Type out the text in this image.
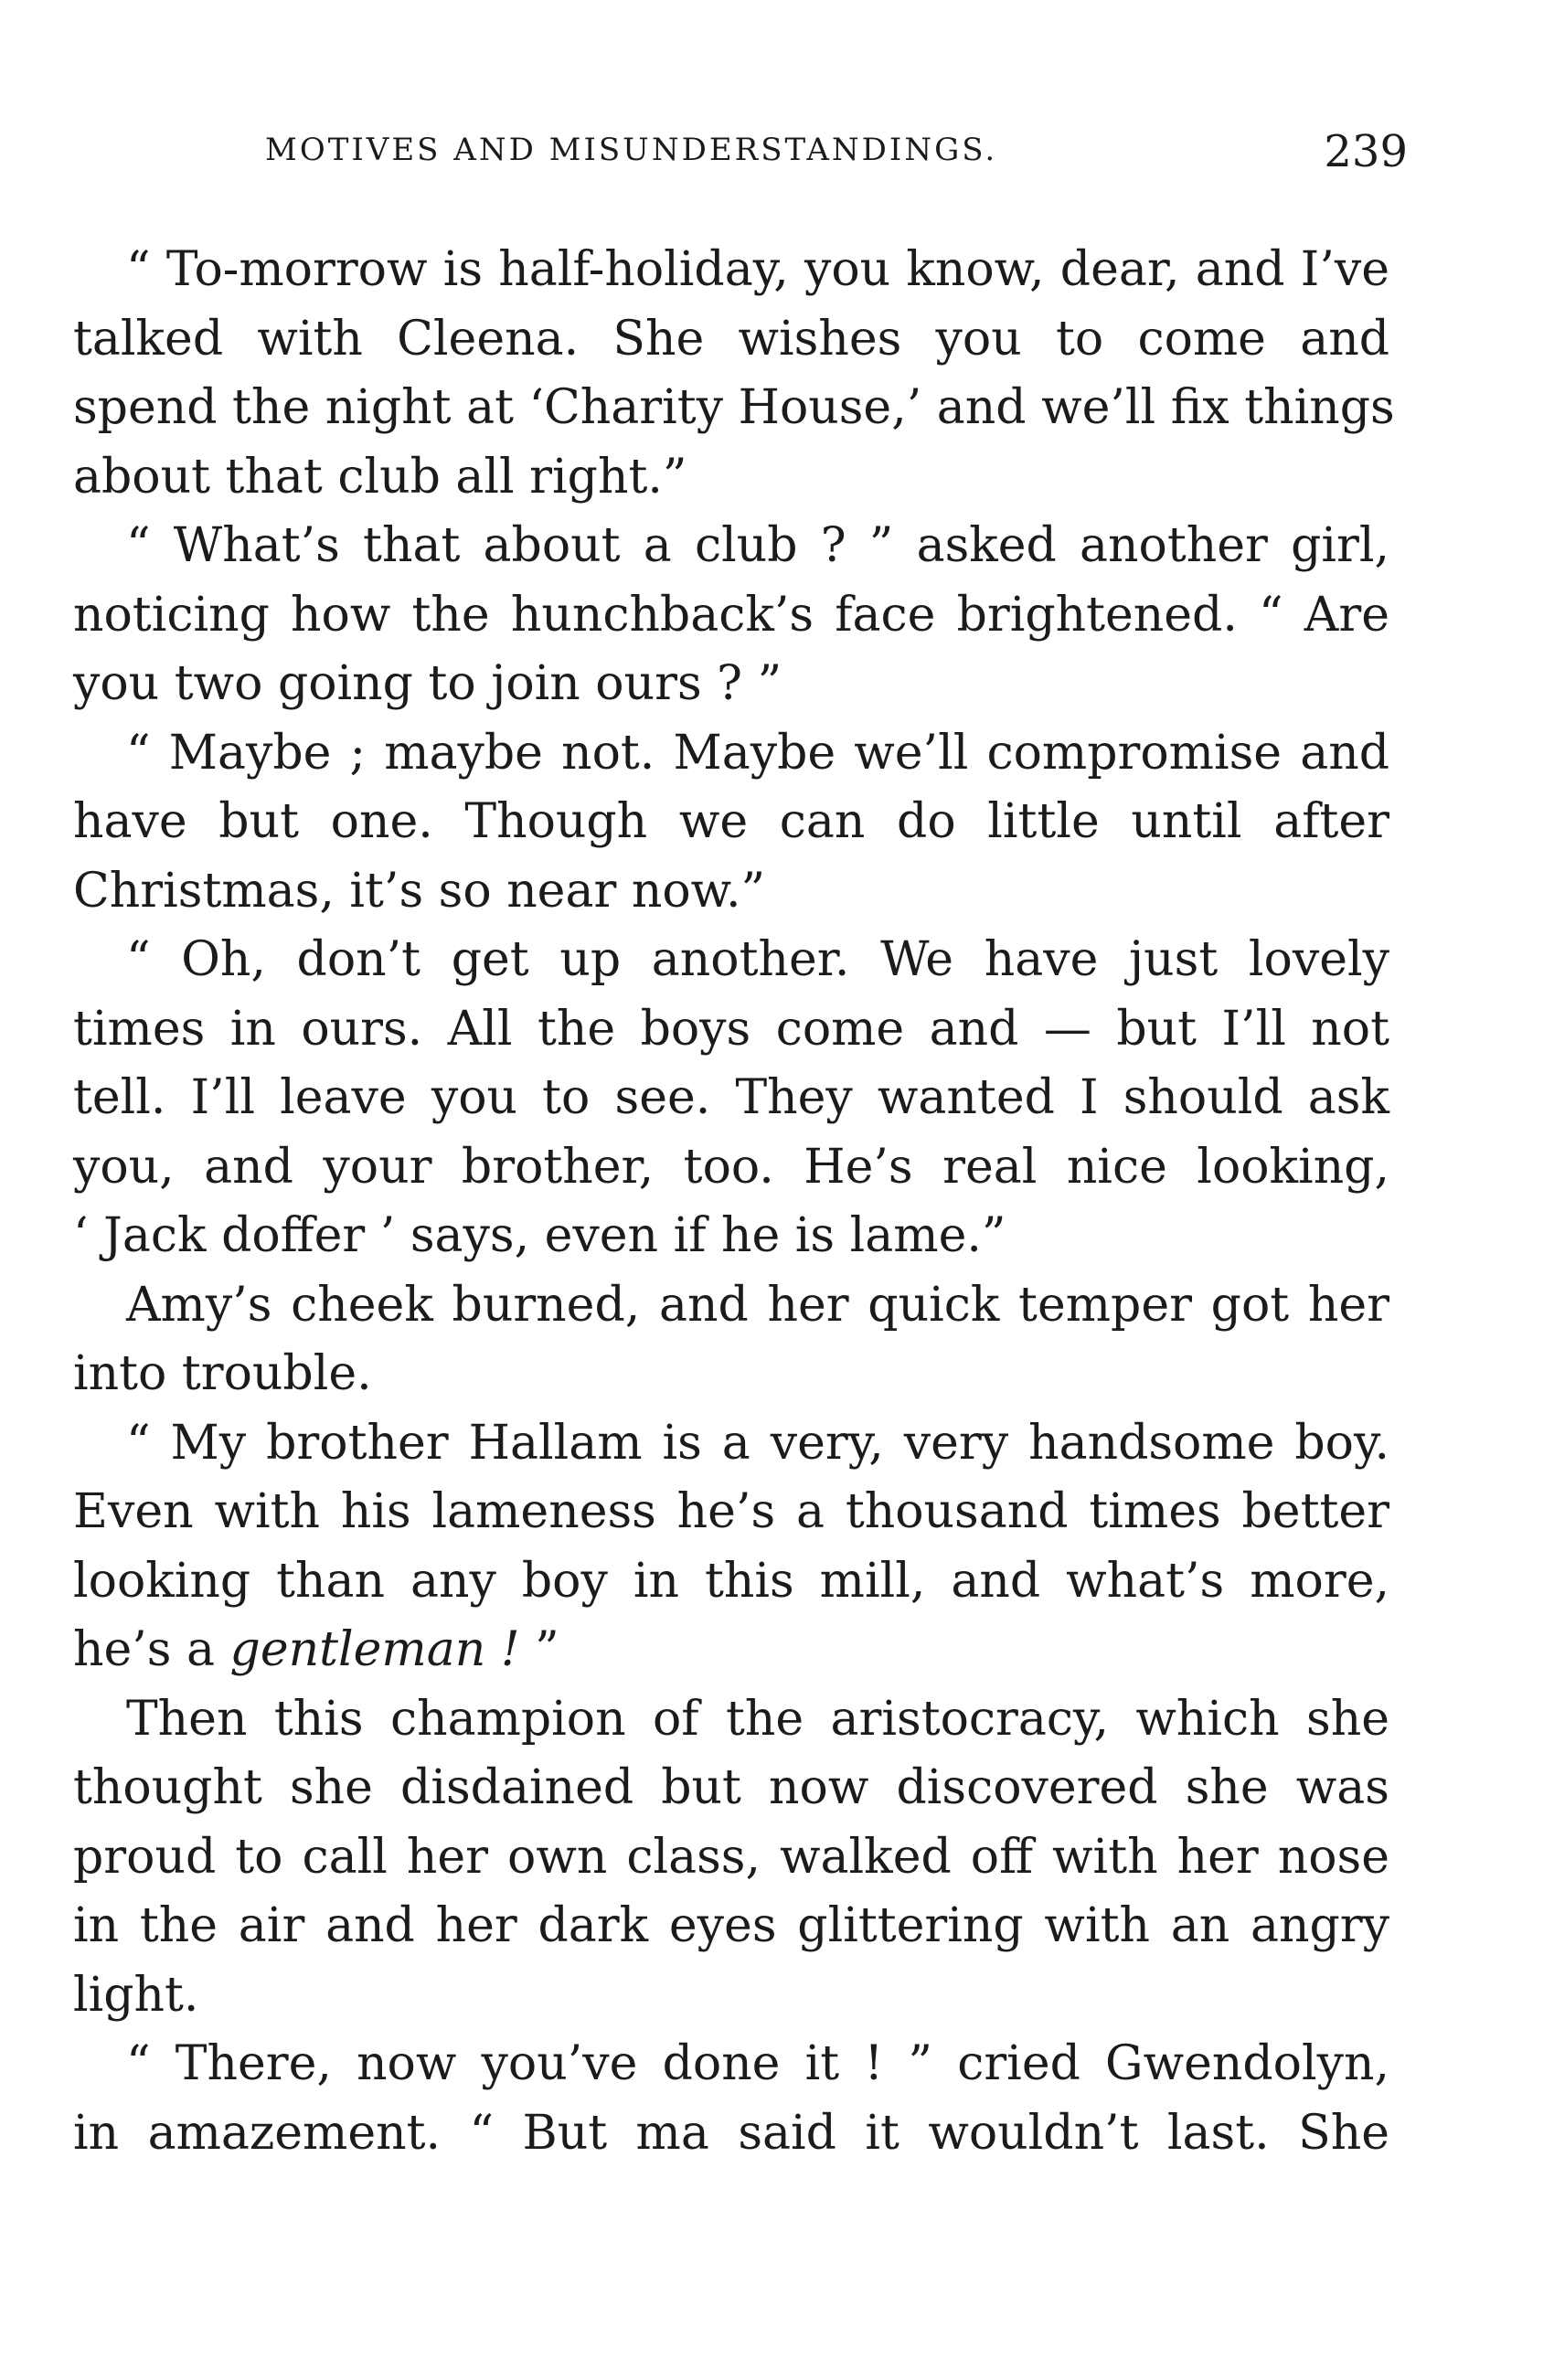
MOTIVES AND MISUNDERSTANDINGS.	239
“ To-morrow is half-holiday, you know, dear, and I’ve
talked with Cleena. She wishes you to come and
spend the night at ‘Charity House,’ and we’ll fix things
about that club all right.”
“ What’s that about a club ? ” asked another girl,
noticing how the hunchback’s face brightened. “ Are
you two going to join ours ? ”
“ Maybe ; maybe not. Maybe we’ll compromise and
have but one. Though we can do little until after
Christmas, it’s so near now.”
“ Oh, don’t get up another. We have just lovely
times in ours. All the boys come and — but I’ll not
tell. I’ll leave you to see. They wanted I should ask
you, and your brother, too. He’s real nice looking,
‘ Jack doffer ’ says, even if he is lame.”
Amy’s cheek burned, and her quick temper got her
into trouble.
“ My brother Hallam is a very, very handsome boy.
Even with his lameness he’s a thousand times better
looking than any boy in this mill, and what’s more,
he’s a gentleman ! ”
Then this champion of the aristocracy, which she
thought she disdained but now discovered she was
proud to call her own class, walked off with her nose
in the air and her dark eyes glittering with an angry
light.
“ There, now you’ve done it ! ” cried Gwendolyn,
in amazement. “ But ma said it wouldn’t last. She
